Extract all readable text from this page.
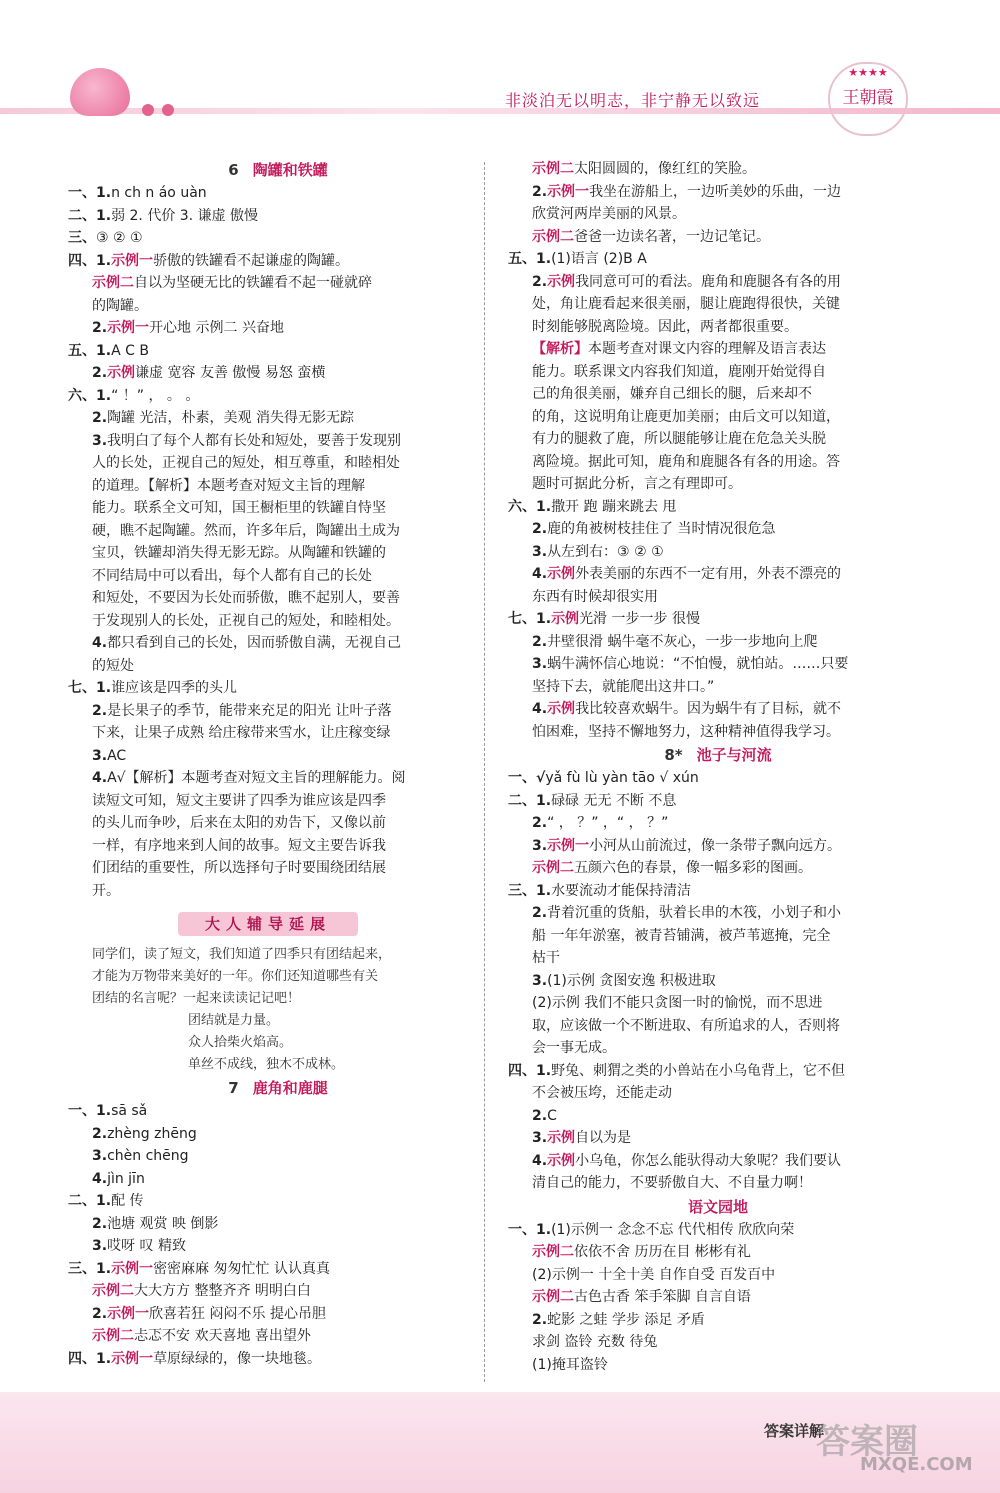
非淡泊无以明志，非宁静无以致远
★★★★
王朝霞
6 陶罐和铁罐
一、1.n ch n áo uàn
二、1.弱 2. 代价 3. 谦虚 傲慢
三、③ ② ①
四、1.示例一骄傲的铁罐看不起谦虚的陶罐。
示例二自以为坚硬无比的铁罐看不起一碰就碎
的陶罐。
2.示例一开心地 示例二 兴奋地
五、1.A C B
2.示例谦虚 宽容 友善 傲慢 易怒 蛮横
六、1.“ ！” ， 。 。
2.陶罐 光洁，朴素，美观 消失得无影无踪
3.我明白了每个人都有长处和短处，要善于发现别
人的长处，正视自己的短处，相互尊重，和睦相处
的道理。【解析】本题考查对短文主旨的理解
能力。联系全文可知，国王橱柜里的铁罐自恃坚
硬，瞧不起陶罐。然而，许多年后，陶罐出土成为
宝贝，铁罐却消失得无影无踪。从陶罐和铁罐的
不同结局中可以看出，每个人都有自己的长处
和短处，不要因为长处而骄傲，瞧不起别人，要善
于发现别人的长处，正视自己的短处，和睦相处。
4.都只看到自己的长处，因而骄傲自满，无视自己
的短处
七、1.谁应该是四季的头儿
2.是长果子的季节，能带来充足的阳光 让叶子落
下来，让果子成熟 给庄稼带来雪水，让庄稼变绿
3.AC
4.A√【解析】本题考查对短文主旨的理解能力。阅
读短文可知，短文主要讲了四季为谁应该是四季
的头儿而争吵，后来在太阳的劝告下，又像以前
一样，有序地来到人间的故事。短文主要告诉我
们团结的重要性，所以选择句子时要围绕团结展
开。
大人辅导延展
同学们，读了短文，我们知道了四季只有团结起来，
才能为万物带来美好的一年。你们还知道哪些有关
团结的名言呢？一起来读读记记吧！
团结就是力量。
众人拾柴火焰高。
单丝不成线，独木不成林。
7 鹿角和鹿腿
一、1.sā sǎ
2.zhèng zhēng
3.chèn chēng
4.jìn jīn
二、1.配 传
2.池塘 观赏 映 倒影
3.哎呀 叹 精致
三、1.示例一密密麻麻 匆匆忙忙 认认真真
示例二大大方方 整整齐齐 明明白白
2.示例一欣喜若狂 闷闷不乐 提心吊胆
示例二忐忑不安 欢天喜地 喜出望外
四、1.示例一草原绿绿的，像一块地毯。
示例二太阳圆圆的，像红红的笑脸。
2.示例一我坐在游船上，一边听美妙的乐曲，一边
欣赏河两岸美丽的风景。
示例二爸爸一边读名著，一边记笔记。
五、1.(1)语言 (2)B A
2.示例我同意可可的看法。鹿角和鹿腿各有各的用
处，角让鹿看起来很美丽，腿让鹿跑得很快，关键
时刻能够脱离险境。因此，两者都很重要。
【解析】本题考查对课文内容的理解及语言表达
能力。联系课文内容我们知道，鹿刚开始觉得自
己的角很美丽，嫌弃自己细长的腿，后来却不
的角，这说明角让鹿更加美丽；由后文可以知道，
有力的腿救了鹿，所以腿能够让鹿在危急关头脱
离险境。据此可知，鹿角和鹿腿各有各的用途。答
题时可据此分析，言之有理即可。
六、1.撒开 跑 蹦来跳去 甩
2.鹿的角被树枝挂住了 当时情况很危急
3.从左到右：③ ② ①
4.示例外表美丽的东西不一定有用，外表不漂亮的
东西有时候却很实用
七、1.示例光滑 一步一步 很慢
2.井壁很滑 蜗牛毫不灰心，一步一步地向上爬
3.蜗牛满怀信心地说：“不怕慢，就怕站。……只要
坚持下去，就能爬出这井口。”
4.示例我比较喜欢蜗牛。因为蜗牛有了目标，就不
怕困难，坚持不懈地努力，这种精神值得我学习。
8* 池子与河流
一、√yǎ fù lù yàn tāo √ xún
二、1.碌碌 无无 不断 不息
2.“ ， ？” ，“ ， ？”
3.示例一小河从山前流过，像一条带子飘向远方。
示例二五颜六色的春景，像一幅多彩的图画。
三、1.水要流动才能保持清洁
2.背着沉重的货船，驮着长串的木筏，小划子和小
船 一年年淤塞，被青苔铺满，被芦苇遮掩，完全
枯干
3.(1)示例 贪图安逸 积极进取
(2)示例 我们不能只贪图一时的愉悦，而不思进
取，应该做一个不断进取、有所追求的人，否则将
会一事无成。
四、1.野兔、刺猬之类的小兽站在小乌龟背上，它不但
不会被压垮，还能走动
2.C
3.示例自以为是
4.示例小乌龟，你怎么能驮得动大象呢？我们要认
清自己的能力，不要骄傲自大、不自量力啊！
语文园地
一、1.(1)示例一 念念不忘 代代相传 欣欣向荣
示例二依依不舍 历历在目 彬彬有礼
(2)示例一 十全十美 自作自受 百发百中
示例二古色古香 笨手笨脚 自言自语
2.蛇影 之蛙 学步 添足 矛盾
求剑 盗铃 充数 待兔
(1)掩耳盗铃
答案详解
答案圈
MXQE.COM
